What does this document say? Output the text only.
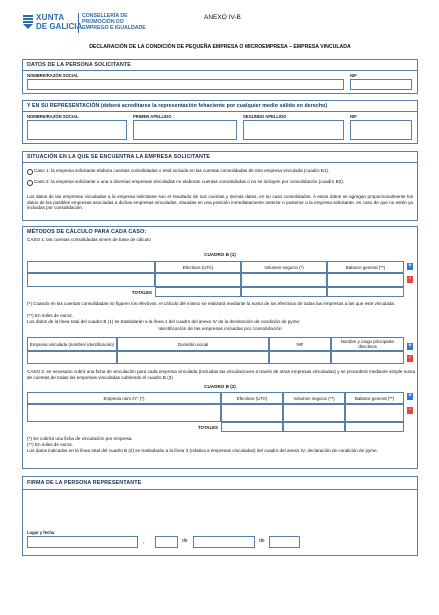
XUNTA
DE GALICIA
CONSELLERÍA DE
PROMOCIÓN DO
EMPREGO E IGUALDADE
ANEXO IV-B
DECLARACIÓN DE LA CONDICIÓN DE PEQUEÑA EMPRESA O MICROEMPRESA – EMPRESA VINCULADA
DATOS DE LA PERSONA SOLICITANTE
NOMBRE/RAZÓN SOCIAL	NIF
Y EN SU REPRESENTACIÓN (deberá acreditarse la representación fehaciente por cualquier medio válido en derecho)
NOMBRE/RAZÓN SOCIAL	PRIMER APELLIDO	SEGUNDO APELLIDO	NIF
SITUACIÓN EN LA QUE SE ENCUENTRA LA EMPRESA SOLICITANTE
Caso 1: la empresa solicitante elabora cuentas consolidadas o está incluida en las cuentas consolidadas de otra empresa vinculada (cuadro B1).
Caso 2: la empresa solicitante o una o diversas empresas vinculadas no elaboran cuentas consolidadas o no se incluyen por consolidación (cuadro B2).
Los datos de las empresas vinculadas a la empresa solicitante son el resultado de sus cuentas y demás datos, en su caso consolidados. A estos datos se agregan proporcionalmente los datos de las posibles empresas asociadas a dichas empresas vinculadas, situadas en una posición inmediatamente anterior o posterior a la empresa solicitante, en caso de que no estén ya incluidas por consolidación.
MÉTODOS DE CÁLCULO PARA CADA CASO:
CASO 1: las cuentas consolidadas sirven de base de cálculo
CUADRO B (1)
Efectivos (UTA)	Volumen negocio (*)	Balance general (**)
TOTALES
+
-
(*) Cuando en las cuentas consolidadas no figuren los efectivos, el cálculo del mismo se realizará mediante la suma de los efectivos de todas las empresas a las que esté vinculada.
(**) En miles de euros.
Los datos de la línea total del cuadro B (1) se trasladarán a la línea 1 del cuadro del anexo IV de la declaración de condición de pyme:
Identificación de las empresas incluidas por consolidación
Empresa vinculada (nombre/ identificación)	Domicilio social	NIF	Nombre y cargo principales directivos	+
-
CASO 2: es necesario cubrir una ficha de vinculación para cada empresa vinculada (incluidas las vinculaciones a través de otras empresas vinculadas) y se procederá mediante simple suma de cuentas de todas las empresas vinculadas cubriendo el cuadro B (2)
CUADRO B (2)
Empresa núm /nº: (*)	Efectivos (UTA)	Volumen negocio (**)	Balance general (**)
TOTALES
+
-
(*) Se cubrirá una ficha de vinculación por empresa.
(**) En miles de euros.
Los datos indicados en la línea total del cuadro B (2) se trasladarán a la línea 3 (relativa a empresas vinculadas) del cuadro del anexo IV, declaración de condición de pyme.
FIRMA DE LA PERSONA REPRESENTANTE
Lugar y fecha
,	de	de
